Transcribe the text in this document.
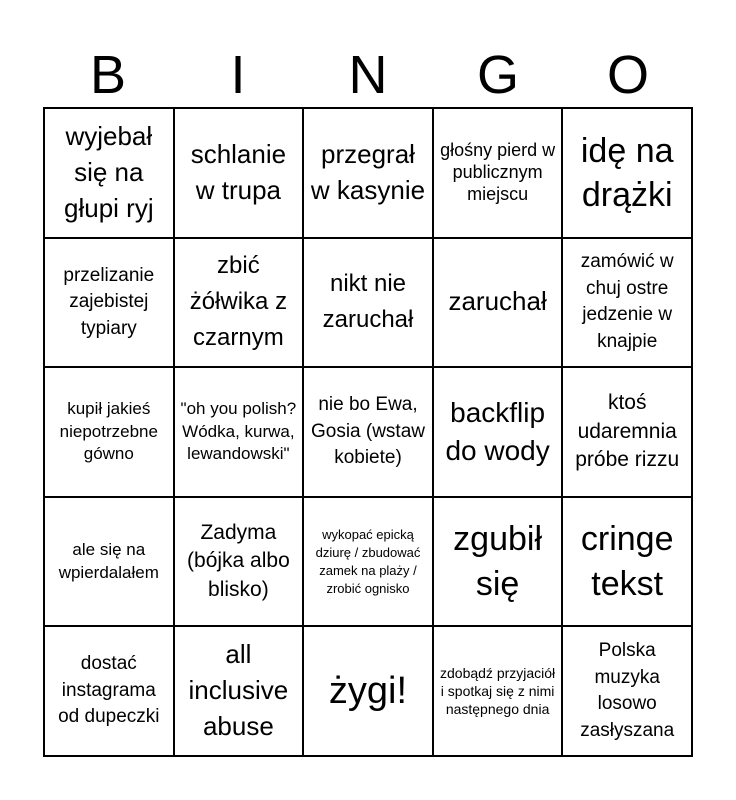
B	I	N	G	O
wyjebał się na głupi ryj
schlanie w trupa
przegrał w kasynie
głośny pierd w publicznym miejscu
idę na drążki
przelizanie zajebistej typiary
zbić żółwika z czarnym
nikt nie zaruchał
zaruchał
zamówić w chuj ostre jedzenie w knajpie
kupił jakieś niepotrzebne gówno
"oh you polish? Wódka, kurwa, lewandowski"
nie bo Ewa, Gosia (wstaw kobiete)
backflip do wody
ktoś udaremnia próbe rizzu
ale się na wpierdalałem
Zadyma (bójka albo blisko)
wykopać epicką dziurę / zbudować zamek na plaży / zrobić ognisko
zgubił się
cringe tekst
dostać instagrama od dupeczki
all inclusive abuse
żygi! zdobądź przyjaciół i spotkaj się z nimi następnego dnia
Polska muzyka losowo zasłyszana
